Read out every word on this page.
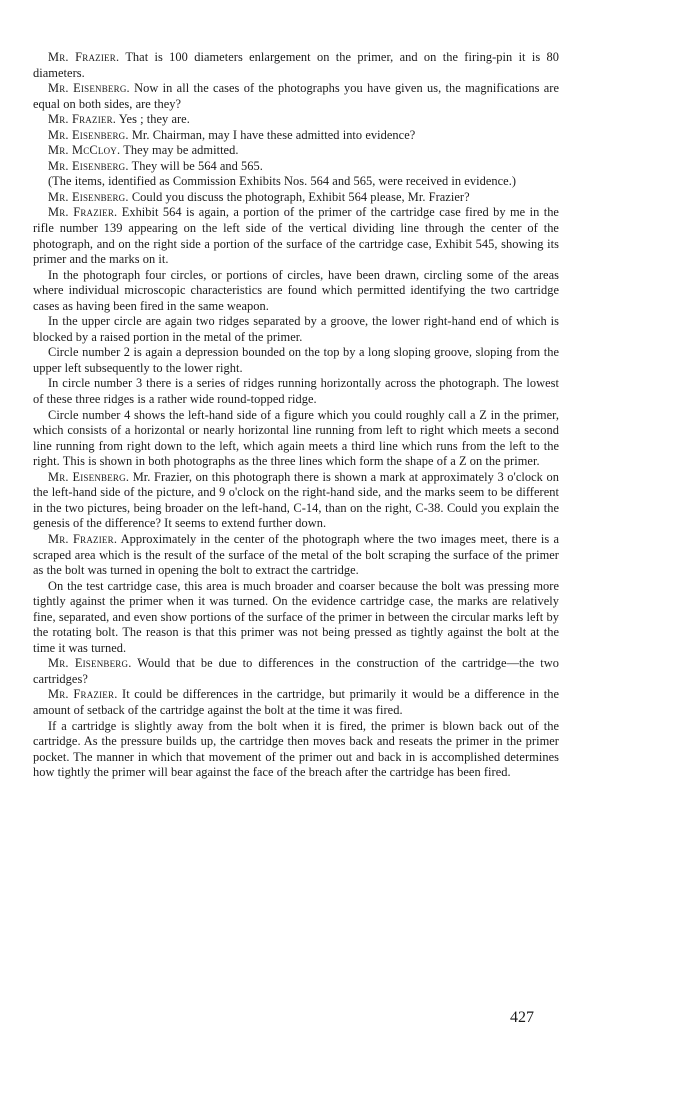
Mr. Frazier. That is 100 diameters enlargement on the primer, and on the firing-pin it is 80 diameters.

Mr. Eisenberg. Now in all the cases of the photographs you have given us, the magnifications are equal on both sides, are they?

Mr. Frazier. Yes ; they are.

Mr. Eisenberg. Mr. Chairman, may I have these admitted into evidence?

Mr. McCloy. They may be admitted.

Mr. Eisenberg. They will be 564 and 565.

(The items, identified as Commission Exhibits Nos. 564 and 565, were received in evidence.)

Mr. Eisenberg. Could you discuss the photograph, Exhibit 564 please, Mr. Frazier?

Mr. Frazier. Exhibit 564 is again, a portion of the primer of the cartridge case fired by me in the rifle number 139 appearing on the left side of the vertical dividing line through the center of the photograph, and on the right side a portion of the surface of the cartridge case, Exhibit 545, showing its primer and the marks on it.

In the photograph four circles, or portions of circles, have been drawn, circling some of the areas where individual microscopic characteristics are found which permitted identifying the two cartridge cases as having been fired in the same weapon.

In the upper circle are again two ridges separated by a groove, the lower right-hand end of which is blocked by a raised portion in the metal of the primer.

Circle number 2 is again a depression bounded on the top by a long sloping groove, sloping from the upper left subsequently to the lower right.

In circle number 3 there is a series of ridges running horizontally across the photograph. The lowest of these three ridges is a rather wide round-topped ridge.

Circle number 4 shows the left-hand side of a figure which you could roughly call a Z in the primer, which consists of a horizontal or nearly horizontal line running from left to right which meets a second line running from right down to the left, which again meets a third line which runs from the left to the right. This is shown in both photographs as the three lines which form the shape of a Z on the primer.

Mr. Eisenberg. Mr. Frazier, on this photograph there is shown a mark at approximately 3 o'clock on the left-hand side of the picture, and 9 o'clock on the right-hand side, and the marks seem to be different in the two pictures, being broader on the left-hand, C-14, than on the right, C-38. Could you explain the genesis of the difference? It seems to extend further down.

Mr. Frazier. Approximately in the center of the photograph where the two images meet, there is a scraped area which is the result of the surface of the metal of the bolt scraping the surface of the primer as the bolt was turned in opening the bolt to extract the cartridge.

On the test cartridge case, this area is much broader and coarser because the bolt was pressing more tightly against the primer when it was turned. On the evidence cartridge case, the marks are relatively fine, separated, and even show portions of the surface of the primer in between the circular marks left by the rotating bolt. The reason is that this primer was not being pressed as tightly against the bolt at the time it was turned.

Mr. Eisenberg. Would that be due to differences in the construction of the cartridge—the two cartridges?

Mr. Frazier. It could be differences in the cartridge, but primarily it would be a difference in the amount of setback of the cartridge against the bolt at the time it was fired.

If a cartridge is slightly away from the bolt when it is fired, the primer is blown back out of the cartridge. As the pressure builds up, the cartridge then moves back and reseats the primer in the primer pocket. The manner in which that movement of the primer out and back in is accomplished determines how tightly the primer will bear against the face of the breach after the cartridge has been fired.

427
